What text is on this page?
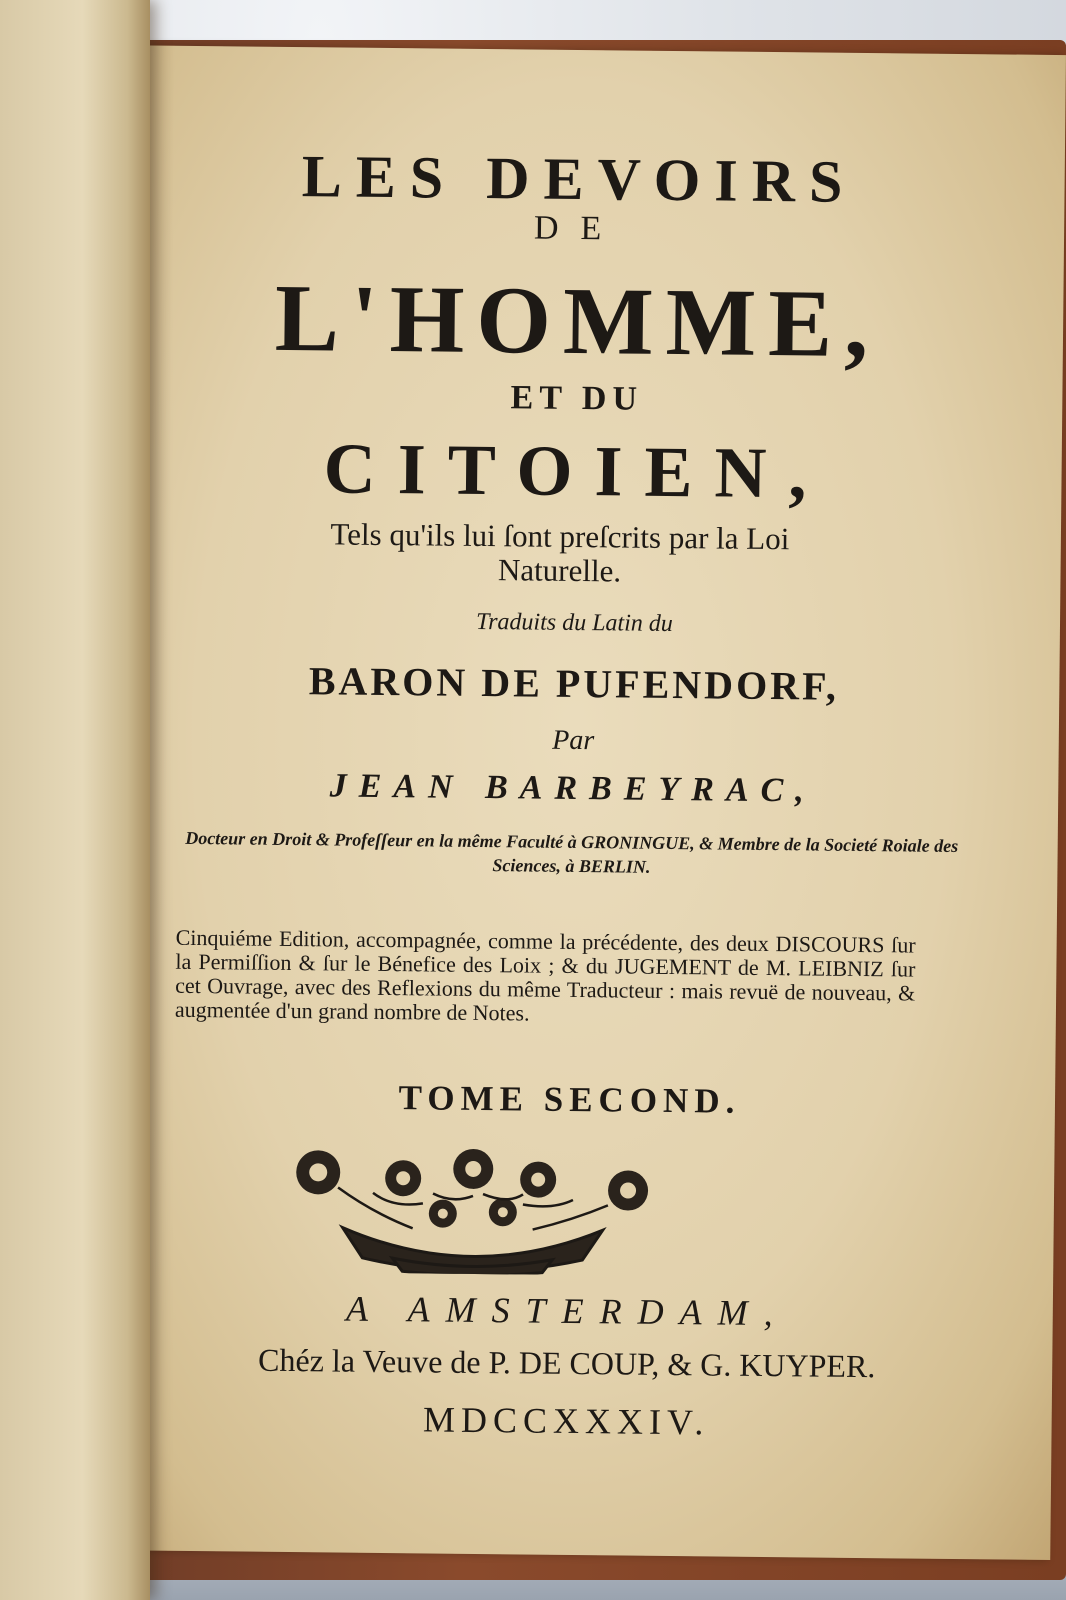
LES DEVOIRS
DE
L'HOMME,
ET DU
CITOIEN,
Tels qu'ils lui ſont preſcrits par la Loi Naturelle.
Traduits du Latin du
BARON DE PUFENDORF,
Par
JEAN BARBEYRAC,
Docteur en Droit & Profeſſeur en la même Faculté à GRONINGUE, & Membre de la Societé Roiale des Sciences, à BERLIN.
Cinquiéme Edition, accompagnée, comme la précédente, des deux DISCOURS ſur la Permiſſion & ſur le Bénefice des Loix ; & du JUGEMENT de M. LEIBNIZ ſur cet Ouvrage, avec des Reflexions du même Traducteur : mais revuë de nouveau, & augmentée d'un grand nombre de Notes.
TOME SECOND.
A AMSTERDAM,
Chéz la Veuve de P. DE COUP, & G. KUYPER.
MDCCXXXIV.
